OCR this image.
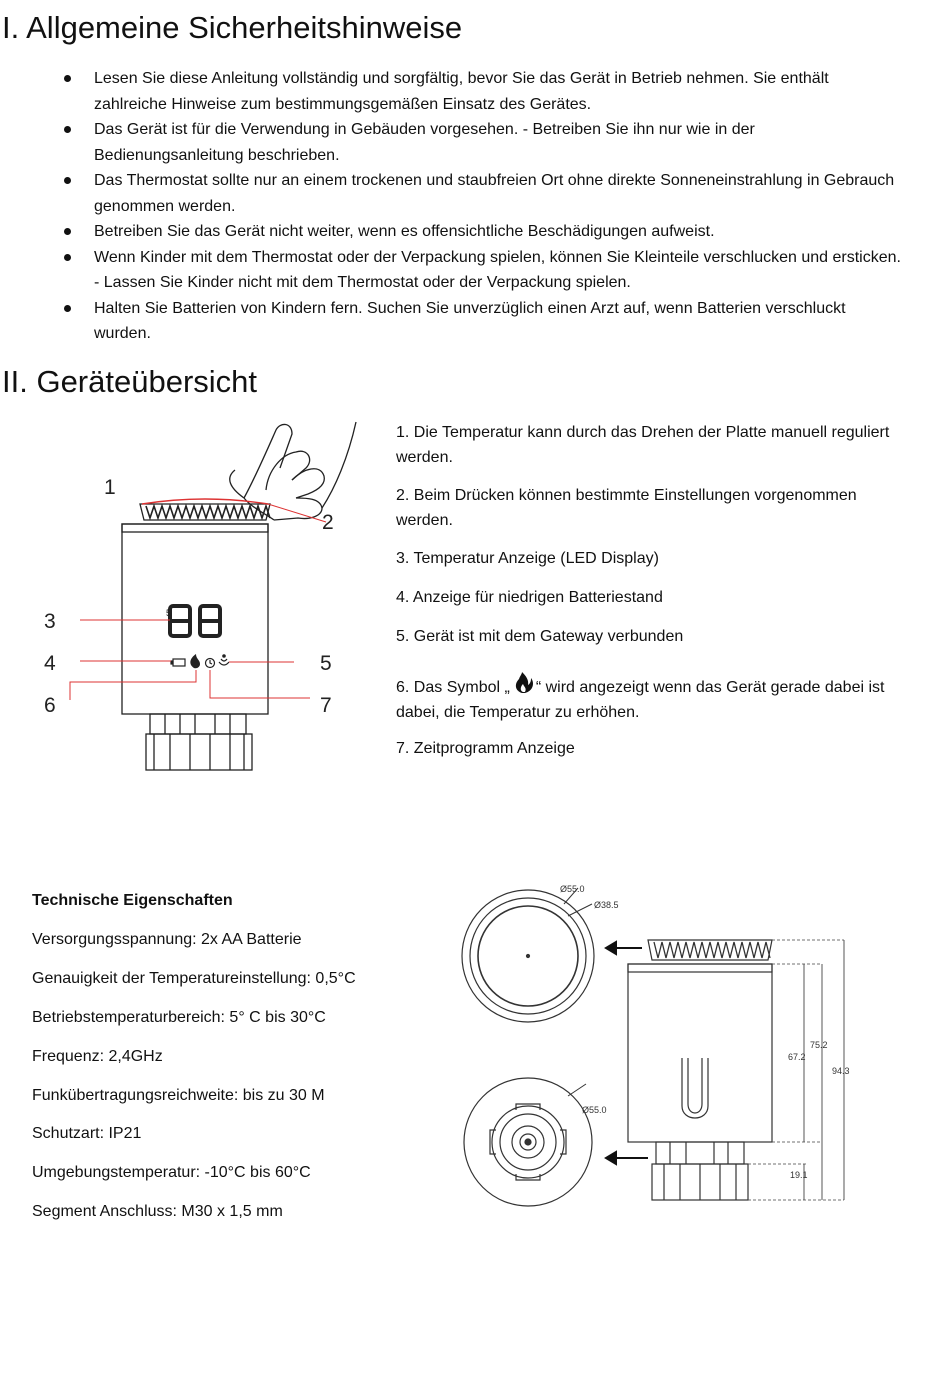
I. Allgemeine Sicherheitshinweise
Lesen Sie diese Anleitung vollständig und sorgfältig, bevor Sie das Gerät in Betrieb nehmen. Sie enthält zahlreiche Hinweise zum bestimmungsgemäßen Einsatz des Gerätes.
Das Gerät ist für die Verwendung in Gebäuden vorgesehen. - Betreiben Sie ihn nur wie in der Bedienungsanleitung beschrieben.
Das Thermostat sollte nur an einem trockenen und staubfreien Ort ohne direkte Sonneneinstrahlung in Gebrauch genommen werden.
Betreiben Sie das Gerät nicht weiter, wenn es offensichtliche Beschädigungen aufweist.
Wenn Kinder mit dem Thermostat oder der Verpackung spielen, können Sie Kleinteile verschlucken und ersticken. - Lassen Sie Kinder nicht mit dem Thermostat oder der Verpackung spielen.
Halten Sie Batterien von Kindern fern. Suchen Sie unverzüglich einen Arzt auf, wenn Batterien verschluckt wurden.
II. Geräteübersicht
1
2
3
4	5
6	7
5

1. Die Temperatur kann durch das Drehen der Platte manuell reguliert werden.

2. Beim Drücken können bestimmte Einstellungen vorgenommen werden.

3. Temperatur Anzeige (LED Display)

4. Anzeige für niedrigen Batteriestand

5. Gerät ist mit dem Gateway verbunden

6. Das Symbol „ “ wird angezeigt wenn das Gerät gerade dabei ist dabei, die Temperatur zu erhöhen.

7. Zeitprogramm Anzeige

Technische Eigenschaften

Versorgungsspannung: 2x AA Batterie

Genauigkeit der Temperatureinstellung: 0,5°C

Betriebstemperaturbereich: 5° C bis 30°C

Frequenz: 2,4GHz

Funkübertragungsreichweite: bis zu 30 M

Schutzart: IP21

Umgebungstemperatur: -10°C bis 60°C

Segment Anschluss: M30 x 1,5 mm

Ø55.0
Ø38.5
Ø55.0
67.2
75.2
94.3
19.1
